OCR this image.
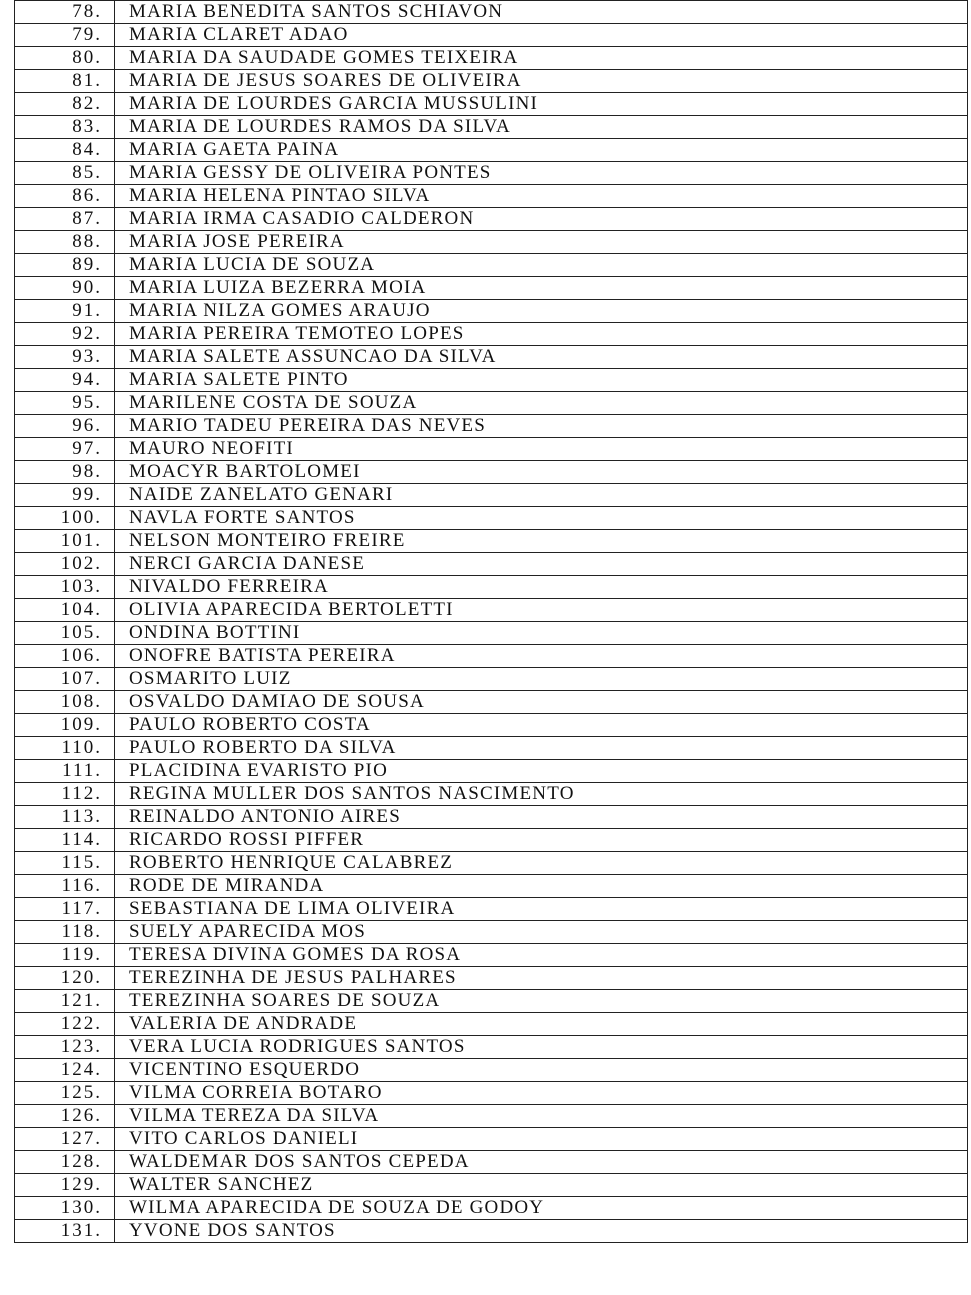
78.	MARIA BENEDITA SANTOS SCHIAVON
79.	MARIA CLARET ADAO
80.	MARIA DA SAUDADE GOMES TEIXEIRA
81.	MARIA DE JESUS SOARES DE OLIVEIRA
82.	MARIA DE LOURDES GARCIA MUSSULINI
83.	MARIA DE LOURDES RAMOS DA SILVA
84.	MARIA GAETA PAINA
85.	MARIA GESSY DE OLIVEIRA PONTES
86.	MARIA HELENA PINTAO SILVA
87.	MARIA IRMA CASADIO CALDERON
88.	MARIA JOSE PEREIRA
89.	MARIA LUCIA DE SOUZA
90.	MARIA LUIZA BEZERRA MOIA
91.	MARIA NILZA GOMES ARAUJO
92.	MARIA PEREIRA TEMOTEO LOPES
93.	MARIA SALETE ASSUNCAO DA SILVA
94.	MARIA SALETE PINTO
95.	MARILENE COSTA DE SOUZA
96.	MARIO TADEU PEREIRA DAS NEVES
97.	MAURO NEOFITI
98.	MOACYR BARTOLOMEI
99.	NAIDE ZANELATO GENARI
100.	NAVLA FORTE SANTOS
101.	NELSON MONTEIRO FREIRE
102.	NERCI GARCIA DANESE
103.	NIVALDO FERREIRA
104.	OLIVIA APARECIDA BERTOLETTI
105.	ONDINA BOTTINI
106.	ONOFRE BATISTA PEREIRA
107.	OSMARITO LUIZ
108.	OSVALDO DAMIAO DE SOUSA
109.	PAULO ROBERTO COSTA
110.	PAULO ROBERTO DA SILVA
111.	PLACIDINA EVARISTO PIO
112.	REGINA MULLER DOS SANTOS NASCIMENTO
113.	REINALDO ANTONIO AIRES
114.	RICARDO ROSSI PIFFER
115.	ROBERTO HENRIQUE CALABREZ
116.	RODE DE MIRANDA
117.	SEBASTIANA DE LIMA OLIVEIRA
118.	SUELY APARECIDA MOS
119.	TERESA DIVINA GOMES DA ROSA
120.	TEREZINHA DE JESUS PALHARES
121.	TEREZINHA SOARES DE SOUZA
122.	VALERIA DE ANDRADE
123.	VERA LUCIA RODRIGUES SANTOS
124.	VICENTINO ESQUERDO
125.	VILMA CORREIA BOTARO
126.	VILMA TEREZA DA SILVA
127.	VITO CARLOS DANIELI
128.	WALDEMAR DOS SANTOS CEPEDA
129.	WALTER SANCHEZ
130.	WILMA APARECIDA DE SOUZA DE GODOY
131.	YVONE DOS SANTOS
